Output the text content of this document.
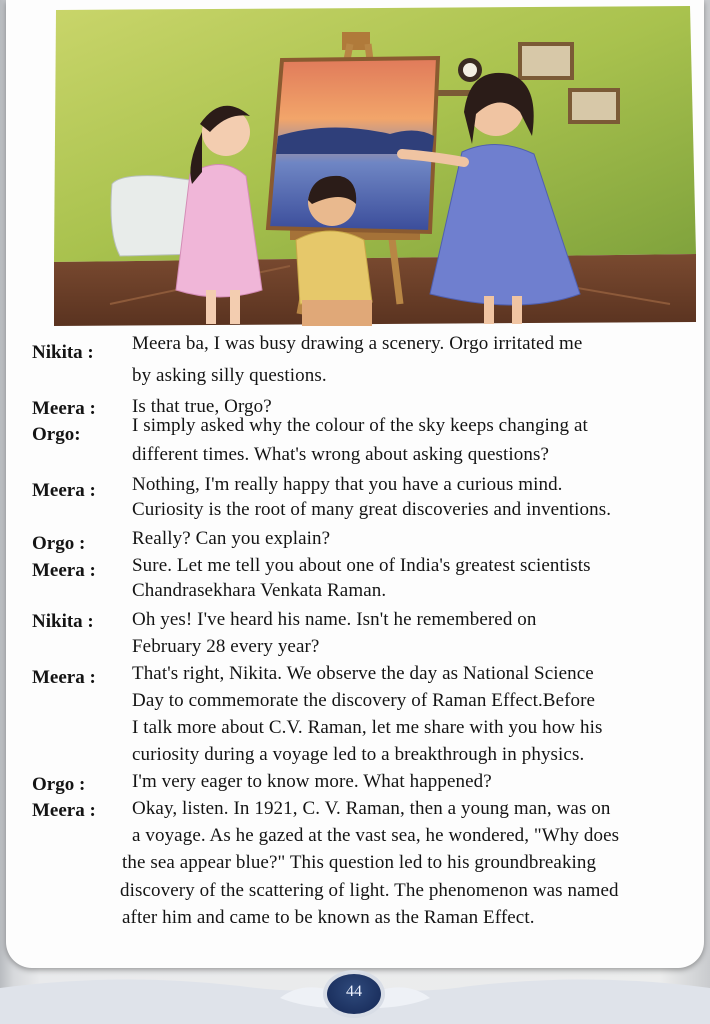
Nikita : Meera ba, I was busy drawing a scenery. Orgo irritated me
by asking silly questions.
Meera : Is that true, Orgo?
Orgo:	I simply asked why the colour of the sky keeps changing at
different times. What's wrong about asking questions?
Meera : Nothing, I'm really happy that you have a curious mind.
Curiosity is the root of many great discoveries and inventions.
Orgo : Really? Can you explain?
Meera : Sure. Let me tell you about one of India's greatest scientists
Chandrasekhara Venkata Raman.
Nikita : Oh yes! I've heard his name. Isn't he remembered on
February 28 every year?
Meera : That's right, Nikita. We observe the day as National Science
Day to commemorate the discovery of Raman Effect.Before
I talk more about C.V. Raman, let me share with you how his
curiosity during a voyage led to a breakthrough in physics.
Orgo : I'm very eager to know more. What happened?
Meera : Okay, listen. In 1921, C. V. Raman, then a young man, was on
a voyage. As he gazed at the vast sea, he wondered, "Why does
the sea appear blue?" This question led to his groundbreaking
discovery of the scattering of light. The phenomenon was named
after him and came to be known as the Raman Effect.
44
